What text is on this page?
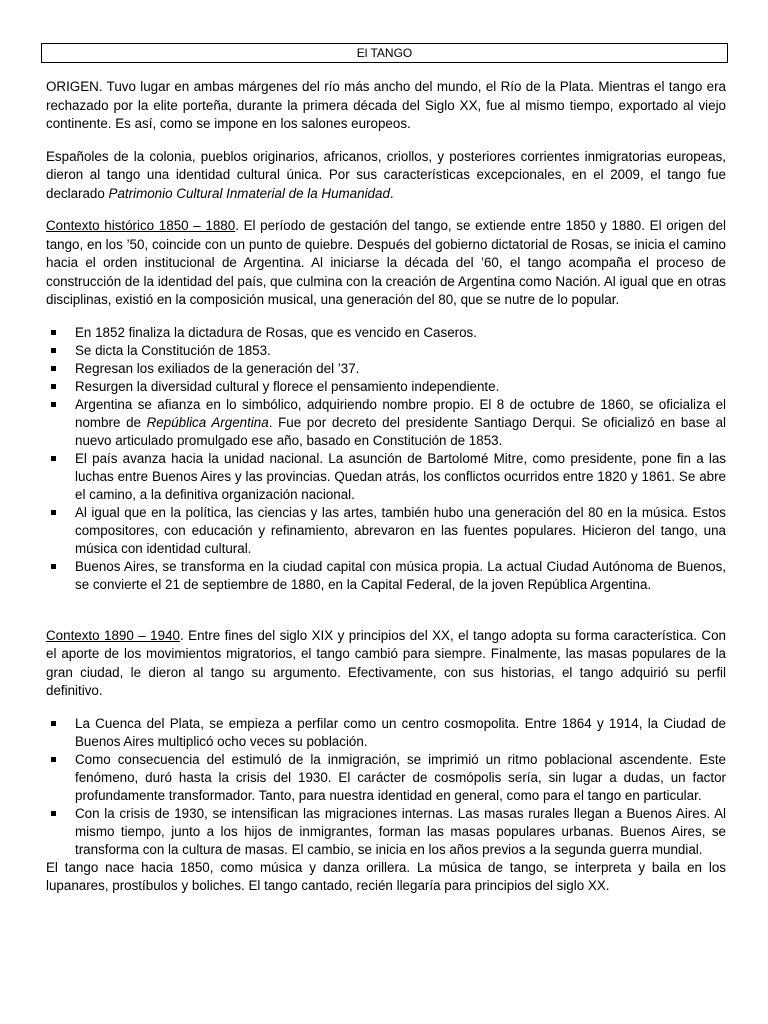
El TANGO

ORIGEN. Tuvo lugar en ambas márgenes del río más ancho del mundo, el Río de la Plata. Mientras el tango era rechazado por la elite porteña, durante la primera década del Siglo XX, fue al mismo tiempo, exportado al viejo continente. Es así, como se impone en los salones europeos.

Españoles de la colonia, pueblos originarios, africanos, criollos, y posteriores corrientes inmigratorias europeas, dieron al tango una identidad cultural única. Por sus características excepcionales, en el 2009, el tango fue declarado Patrimonio Cultural Inmaterial de la Humanidad.

Contexto histórico 1850 – 1880. El período de gestación del tango, se extiende entre 1850 y 1880. El origen del tango, en los ’50, coincide con un punto de quiebre. Después del gobierno dictatorial de Rosas, se inicia el camino hacia el orden institucional de Argentina. Al iniciarse la década del ’60, el tango acompaña el proceso de construcción de la identidad del país, que culmina con la creación de Argentina como Nación. Al igual que en otras disciplinas, existió en la composición musical, una generación del 80, que se nutre de lo popular.

En 1852 finaliza la dictadura de Rosas, que es vencido en Caseros.
Se dicta la Constitución de 1853.
Regresan los exiliados de la generación del ’37.
Resurgen la diversidad cultural y florece el pensamiento independiente.
Argentina se afianza en lo simbólico, adquiriendo nombre propio. El 8 de octubre de 1860, se oficializa el nombre de República Argentina. Fue por decreto del presidente Santiago Derqui. Se oficializó en base al nuevo articulado promulgado ese año, basado en Constitución de 1853.
El país avanza hacia la unidad nacional. La asunción de Bartolomé Mitre, como presidente, pone fin a las luchas entre Buenos Aires y las provincias. Quedan atrás, los conflictos ocurridos entre 1820 y 1861. Se abre el camino, a la definitiva organización nacional.
Al igual que en la política, las ciencias y las artes, también hubo una generación del 80 en la música. Estos compositores, con educación y refinamiento, abrevaron en las fuentes populares. Hicieron del tango, una música con identidad cultural.
Buenos Aires, se transforma en la ciudad capital con música propia. La actual Ciudad Autónoma de Buenos, se convierte el 21 de septiembre de 1880, en la Capital Federal, de la joven República Argentina.

Contexto 1890 – 1940. Entre fines del siglo XIX y principios del XX, el tango adopta su forma característica. Con el aporte de los movimientos migratorios, el tango cambió para siempre. Finalmente, las masas populares de la gran ciudad, le dieron al tango su argumento. Efectivamente, con sus historias, el tango adquirió su perfil definitivo.

La Cuenca del Plata, se empieza a perfilar como un centro cosmopolita. Entre 1864 y 1914, la Ciudad de Buenos Aires multiplicó ocho veces su población.
Como consecuencia del estimuló de la inmigración, se imprimió un ritmo poblacional ascendente. Este fenómeno, duró hasta la crisis del 1930. El carácter de cosmópolis sería, sin lugar a dudas, un factor profundamente transformador. Tanto, para nuestra identidad en general, como para el tango en particular.
Con la crisis de 1930, se intensifican las migraciones internas. Las masas rurales llegan a Buenos Aires. Al mismo tiempo, junto a los hijos de inmigrantes, forman las masas populares urbanas. Buenos Aires, se transforma con la cultura de masas. El cambio, se inicia en los años previos a la segunda guerra mundial.

El tango nace hacia 1850, como música y danza orillera. La música de tango, se interpreta y baila en los lupanares, prostíbulos y boliches. El tango cantado, recién llegaría para principios del siglo XX.
